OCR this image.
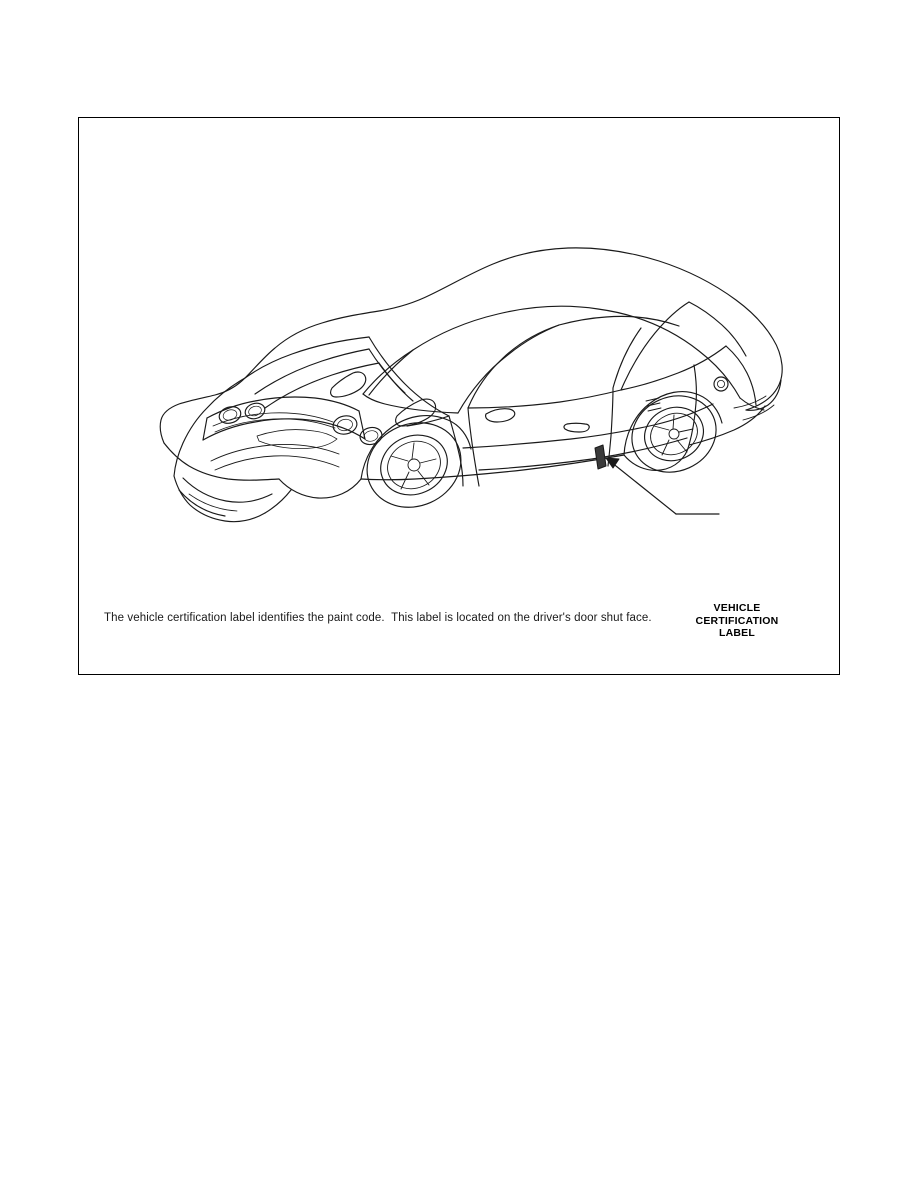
VEHICLE
CERTIFICATION
LABEL
The vehicle certification label identifies the paint code.  This label is located on the driver's door shut face.
